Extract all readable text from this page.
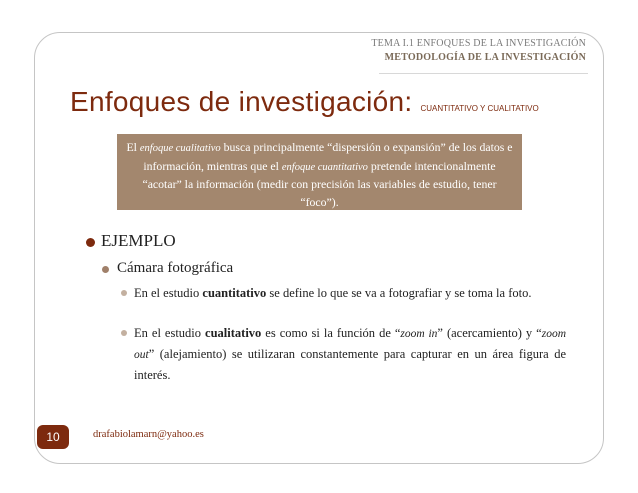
TEMA I.1 ENFOQUES DE LA INVESTIGACIÓN
METODOLOGÍA DE LA INVESTIGACIÓN
Enfoques de investigación: CUANTITATIVO Y CUALITATIVO
El enfoque cualitativo busca principalmente “dispersión o expansión” de los datos e información, mientras que el enfoque cuantitativo pretende intencionalmente “acotar” la información (medir con precisión las variables de estudio, tener “foco”).
EJEMPLO
Cámara fotográfica
En el estudio cuantitativo se define lo que se va a fotografiar y se toma la foto.
En el estudio cualitativo es como si la función de “zoom in” (acercamiento) y “zoom out” (alejamiento) se utilizaran constantemente para capturar en un área figura de interés.
10	drafabiolamarn@yahoo.es
